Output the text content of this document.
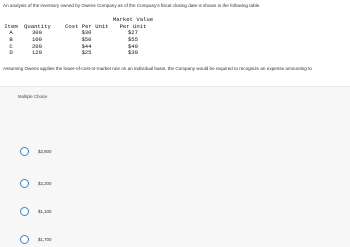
An analysis of the inventory owned by Owens Company as of the Company's fiscal closing date is shown in the following table.
Market Value
Item Quantity	Cost Per Unit	Per Unit
A	300	$30	$27
B	100	$50	$55
C	200	$44	$40
D	120	$25	$30
Assuming Owens applies the lower-of-cost-or-market rule on an individual basis, the Company would be required to recognize an expense amounting to
Multiple Choice
$2,800
$2,200
$1,100
$1,700
